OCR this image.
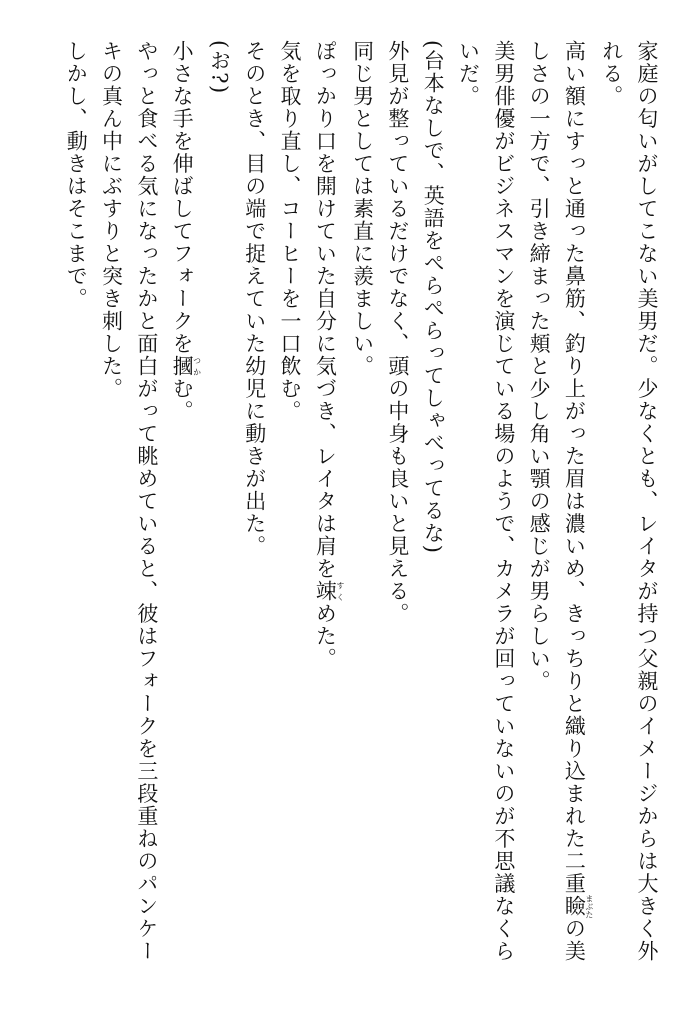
家庭の匂いがしてこない美男だ。少なくとも、レイタが持つ父親のイメージからは大きく外れる。

高い額にすっと通った鼻筋、釣り上がった眉は濃いめ、きっちりと織り込まれた二重瞼まぶたの美しさの一方で、引き締まった頬と少し角い顎の感じが男らしい。

美男俳優がビジネスマンを演じている場のようで、カメラが回っていないのが不思議なくらいだ。

(台本なしで、英語をぺらぺらってしゃべってるな)

外見が整っているだけでなく、頭の中身も良いと見える。

同じ男としては素直に羨ましい。

ぽっかり口を開けていた自分に気づき、レイタは肩を竦すくめた。

気を取り直し、コーヒーを一口飲む。

そのとき、目の端で捉えていた幼児に動きが出た。

(お?)

小さな手を伸ばしてフォークを摑つかむ。

やっと食べる気になったかと面白がって眺めていると、彼はフォークを三段重ねのパンケーキの真ん中にぶすりと突き刺した。

しかし、動きはそこまで。
